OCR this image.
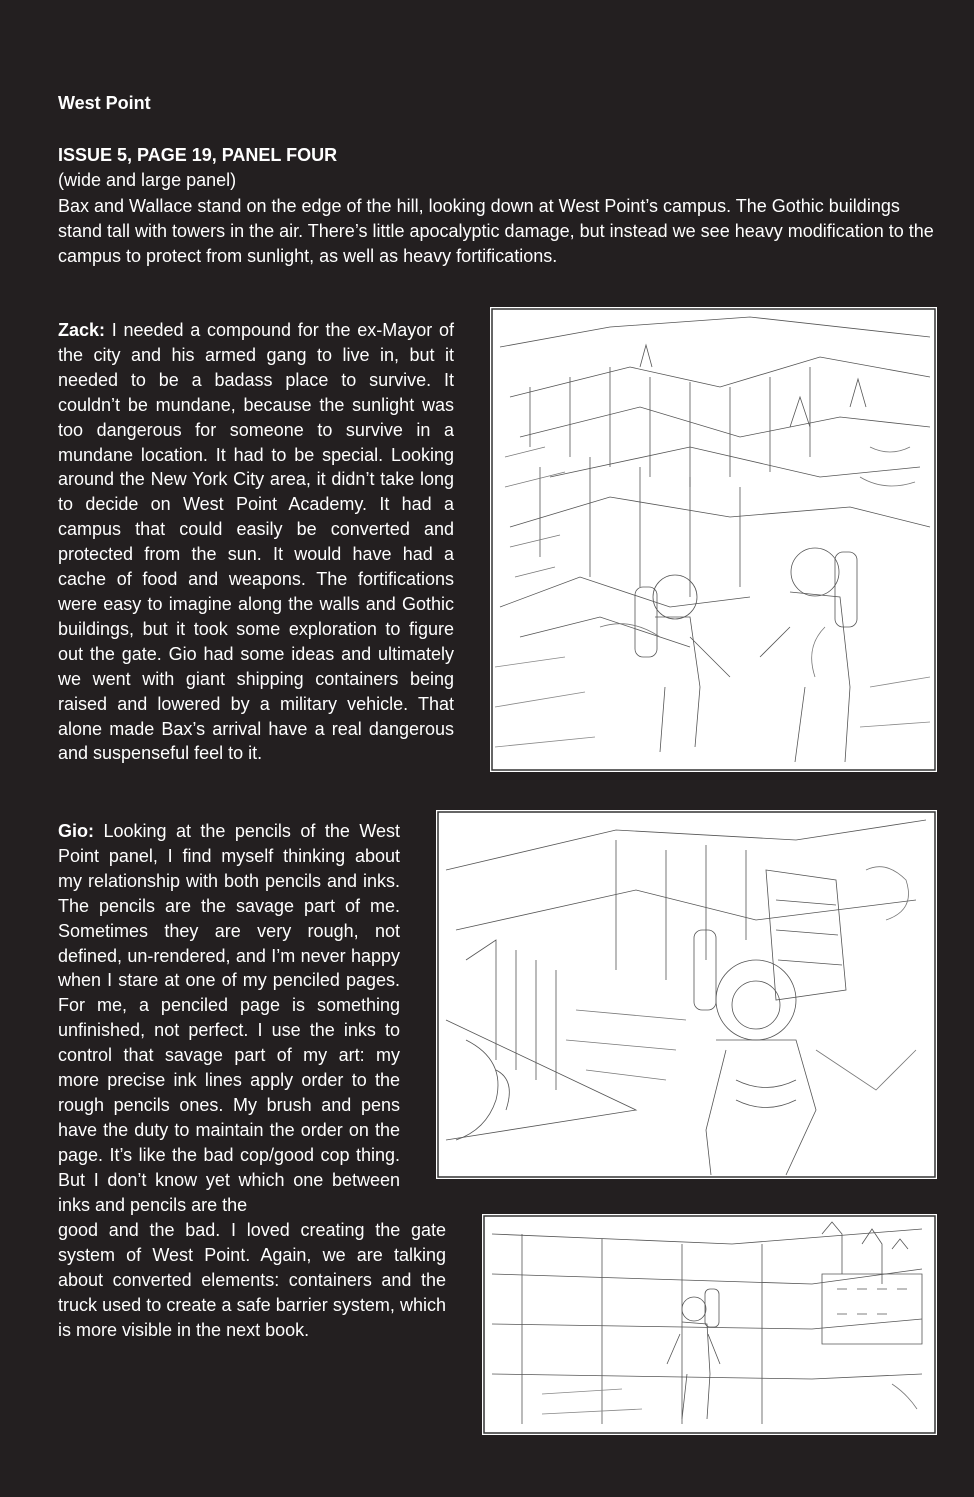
West Point
ISSUE 5, PAGE 19, PANEL FOUR
(wide and large panel)
Bax and Wallace stand on the edge of the hill, looking down at West Point’s campus. The Gothic buildings stand tall with towers in the air. There’s little apocalyptic damage, but instead we see heavy modification to the campus to protect from sunlight, as well as heavy fortifications.
Zack: I needed a compound for the ex-Mayor of the city and his armed gang to live in, but it needed to be a badass place to survive. It couldn’t be mundane, because the sunlight was too dangerous for someone to survive in a mundane location. It had to be special. Looking around the New York City area, it didn’t take long to decide on West Point Academy. It had a campus that could easily be converted and protected from the sun. It would have had a cache of food and weapons. The fortifications were easy to imagine along the walls and Gothic buildings, but it took some exploration to figure out the gate. Gio had some ideas and ultimately we went with giant shipping containers being raised and lowered by a military vehicle. That alone made Bax’s arrival have a real dangerous and suspenseful feel to it.
Gio: Looking at the pencils of the West Point panel, I find myself thinking about my relationship with both pencils and inks. The pencils are the savage part of me. Sometimes they are very rough, not defined, un-rendered, and I’m never happy when I stare at one of my penciled pages. For me, a penciled page is something unfinished, not perfect. I use the inks to control that savage part of my art: my more precise ink lines apply order to the rough pencils ones. My brush and pens have the duty to maintain the order on the page. It’s like the bad cop/good cop thing. But I don’t know yet which one between inks and pencils are the
good and the bad. I loved creating the gate system of West Point. Again, we are talking about converted elements: containers and the truck used to create a safe barrier system, which is more visible in the next book.
